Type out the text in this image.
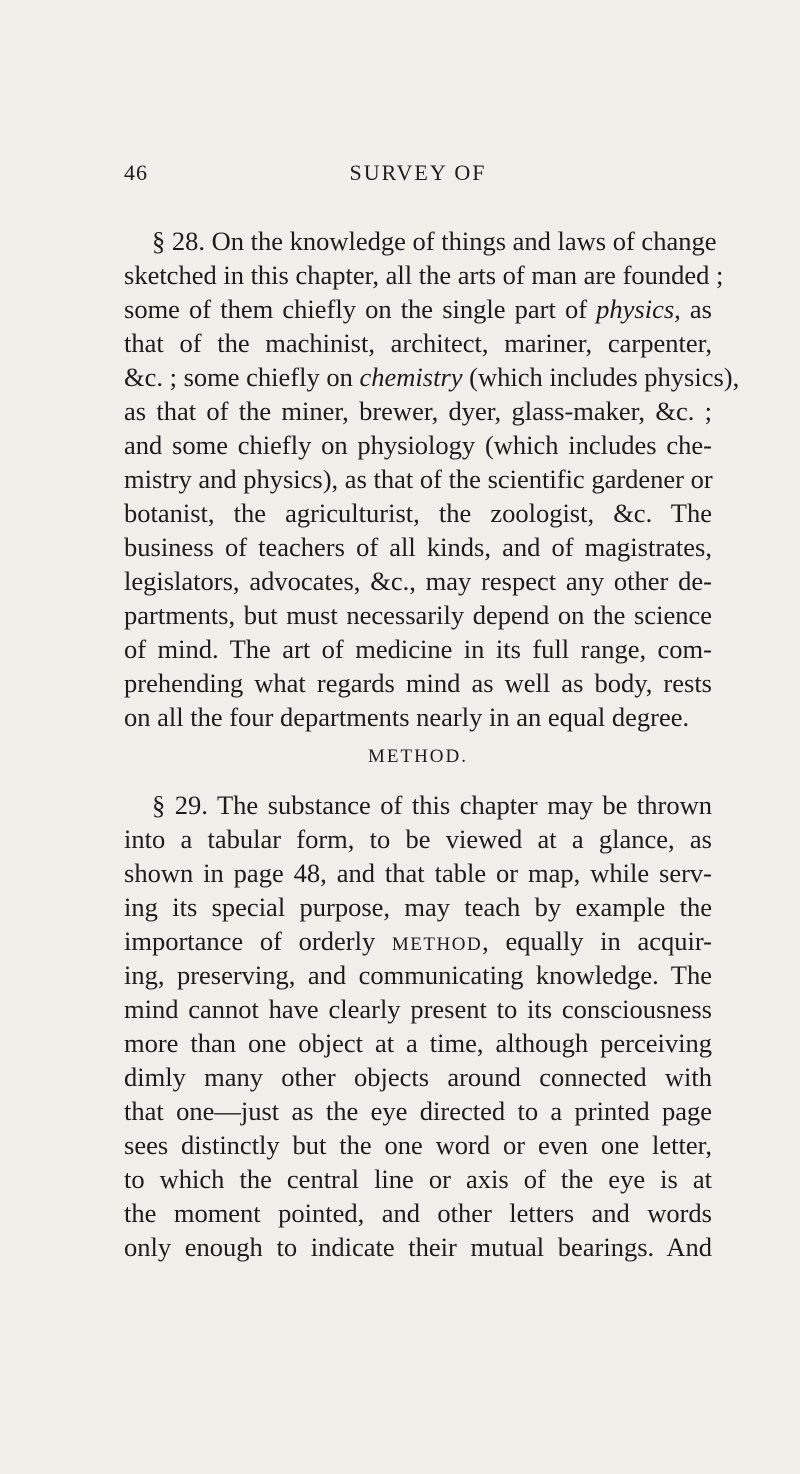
46	SURVEY OF
§ 28. On the knowledge of things and laws of change
sketched in this chapter, all the arts of man are founded ;
some of them chiefly on the single part of physics, as
that of the machinist, architect, mariner, carpenter,
&c. ; some chiefly on chemistry (which includes physics),
as that of the miner, brewer, dyer, glass-maker, &c. ;
and some chiefly on physiology (which includes che-
mistry and physics), as that of the scientific gardener or
botanist, the agriculturist, the zoologist, &c. The
business of teachers of all kinds, and of magistrates,
legislators, advocates, &c., may respect any other de-
partments, but must necessarily depend on the science
of mind. The art of medicine in its full range, com-
prehending what regards mind as well as body, rests
on all the four departments nearly in an equal degree.
METHOD.
§ 29. The substance of this chapter may be thrown
into a tabular form, to be viewed at a glance, as
shown in page 48, and that table or map, while serv-
ing its special purpose, may teach by example the
importance of orderly METHOD, equally in acquir-
ing, preserving, and communicating knowledge. The
mind cannot have clearly present to its consciousness
more than one object at a time, although perceiving
dimly many other objects around connected with
that one—just as the eye directed to a printed page
sees distinctly but the one word or even one letter,
to which the central line or axis of the eye is at
the moment pointed, and other letters and words
only enough to indicate their mutual bearings. And
